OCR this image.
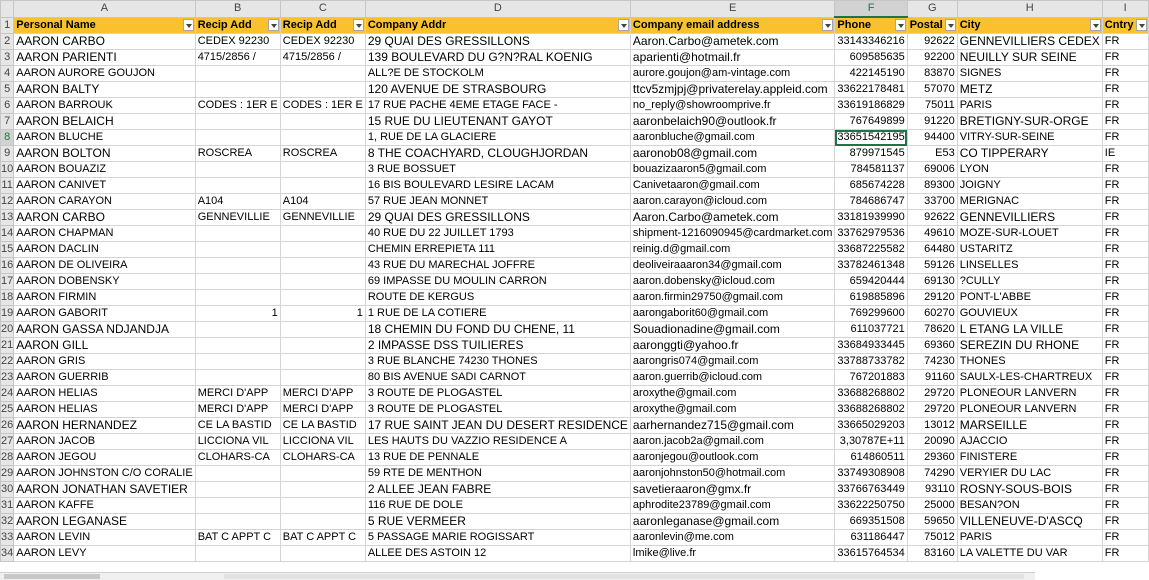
	A	B	C	D	E	F	G	H	I
1	Personal Name	Recip Add	Recip Add	Company Addr	Company email address	Phone	Postal	City	Cntry

2	AARON CARBO	CEDEX 92230	CEDEX 92230	29 QUAI DES GRESSILLONS	Aaron.Carbo@ametek.com	33143346216	92622	GENNEVILLIERS CEDEX	FR
3	AARON PARIENTI	4715/2856 /	4715/2856 /	139 BOULEVARD DU G?N?RAL KOENIG	aparienti@hotmail.fr	609585635	92200	NEUILLY SUR SEINE	FR
4	AARON AURORE GOUJON			ALL?E DE STOCKOLM	aurore.goujon@am-vintage.com	422145190	83870	SIGNES	FR
5	AARON BALTY			120 AVENUE DE STRASBOURG	ttcv5zmjpj@privaterelay.appleid.com	33622178481	57070	METZ	FR
6	AARON BARROUK	CODES : 1ER E	CODES : 1ER E	17 RUE PACHE 4EME ETAGE FACE -	no_reply@showroomprive.fr	33619186829	75011	PARIS	FR
7	AARON BELAICH			15 RUE DU LIEUTENANT GAYOT	aaronbelaich90@outlook.fr	767649899	91220	BRETIGNY-SUR-ORGE	FR
8	AARON BLUCHE			1, RUE DE LA GLACIERE	aaronbluche@gmail.com	33651542195	94400	VITRY-SUR-SEINE	FR
9	AARON BOLTON	ROSCREA	ROSCREA	8 THE COACHYARD, CLOUGHJORDAN	aaronob08@gmail.com	879971545	E53	CO TIPPERARY	IE
10	AARON BOUAZIZ			3 RUE BOSSUET	bouazizaaron5@gmail.com	784581137	69006	LYON	FR
11	AARON CANIVET			16 BIS BOULEVARD LESIRE LACAM	Canivetaaron@gmail.com	685674228	89300	JOIGNY	FR
12	AARON CARAYON	A104	A104	57 RUE JEAN MONNET	aaron.carayon@icloud.com	784686747	33700	MERIGNAC	FR
13	AARON CARBO	GENNEVILLIE	GENNEVILLIE	29 QUAI DES GRESSILLONS	Aaron.Carbo@ametek.com	33181939990	92622	GENNEVILLIERS	FR
14	AARON CHAPMAN			40 RUE DU 22 JUILLET 1793	shipment-1216090945@cardmarket.com	33762979536	49610	MOZE-SUR-LOUET	FR
15	AARON DACLIN			CHEMIN ERREPIETA 111	reinig.d@gmail.com	33687225582	64480	USTARITZ	FR
16	AARON DE OLIVEIRA			43 RUE DU MARECHAL JOFFRE	deoliveiraaaron34@gmail.com	33782461348	59126	LINSELLES	FR
17	AARON DOBENSKY			69 IMPASSE DU MOULIN CARRON	aaron.dobensky@icloud.com	659420444	69130	?CULLY	FR
18	AARON FIRMIN			ROUTE DE KERGUS	aaron.firmin29750@gmail.com	619885896	29120	PONT-L'ABBE	FR
19	AARON GABORIT	1	1	1 RUE DE LA COTIERE	aarongaborit60@gmail.com	769299600	60270	GOUVIEUX	FR
20	AARON GASSA NDJANDJA			18 CHEMIN DU FOND DU CHENE, 11	Souadionadine@gmail.com	611037721	78620	L ETANG LA VILLE	FR
21	AARON GILL			2 IMPASSE DSS TUILIERES	aaronggti@yahoo.fr	33684933445	69360	SEREZIN DU RHONE	FR
22	AARON GRIS			3 RUE BLANCHE 74230 THONES	aarongris074@gmail.com	33788733782	74230	THONES	FR
23	AARON GUERRIB			80 BIS AVENUE SADI CARNOT	aaron.guerrib@icloud.com	767201883	91160	SAULX-LES-CHARTREUX	FR
24	AARON HELIAS	MERCI D'APP	MERCI D'APP	3 ROUTE DE PLOGASTEL	aroxythe@gmail.com	33688268802	29720	PLONEOUR LANVERN	FR
25	AARON HELIAS	MERCI D'APP	MERCI D'APP	3 ROUTE DE PLOGASTEL	aroxythe@gmail.com	33688268802	29720	PLONEOUR LANVERN	FR
26	AARON HERNANDEZ	CE LA BASTID	CE LA BASTID	17 RUE SAINT JEAN DU DESERT RESIDENCE	aarhernandez715@gmail.com	33665029203	13012	MARSEILLE	FR
27	AARON JACOB	LICCIONA VIL	LICCIONA VIL	LES HAUTS DU VAZZIO RESIDENCE A	aaron.jacob2a@gmail.com	3,30787E+11	20090	AJACCIO	FR
28	AARON JEGOU	CLOHARS-CA	CLOHARS-CA	13 RUE DE PENNALE	aaronjegou@outlook.com	614860511	29360	FINISTERE	FR
29	AARON JOHNSTON C/O CORALIE			59 RTE DE MENTHON	aaronjohnston50@hotmail.com	33749308908	74290	VERYIER DU LAC	FR
30	AARON JONATHAN SAVETIER			2 ALLEE JEAN FABRE	savetieraaron@gmx.fr	33766763449	93110	ROSNY-SOUS-BOIS	FR
31	AARON KAFFE			116 RUE DE DOLE	aphrodite23789@gmail.com	33622250750	25000	BESAN?ON	FR
32	AARON LEGANASE			5 RUE VERMEER	aaronleganase@gmail.com	669351508	59650	VILLENEUVE-D'ASCQ	FR
33	AARON LEVIN	BAT C APPT C	BAT C APPT C	5 PASSAGE MARIE ROGISSART	aaronlevin@me.com	631186447	75012	PARIS	FR
34	AARON LEVY			ALLEE DES ASTOIN 12	lmike@live.fr	33615764534	83160	LA VALETTE DU VAR	FR
